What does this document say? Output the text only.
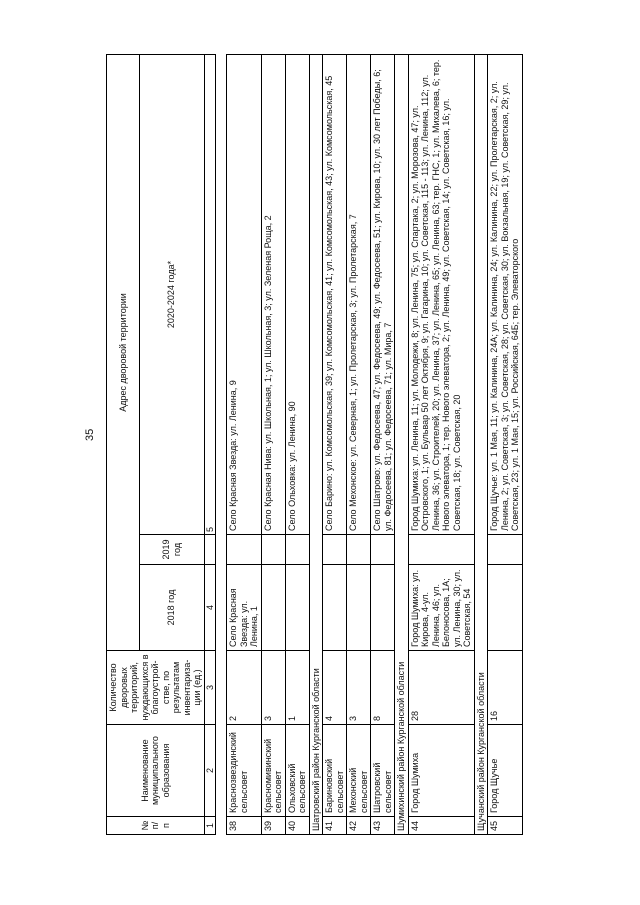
35
№ п/п	Наименование муниципального образования	Количество дворовых территорий, нуждающихся в благоустрой-стве, по результатам инвентариза-ции (ед.)	Адрес дворовой территории		
			2018 год	2019 год	2020-2024 года*
1	2	3	4		5

38	Краснозвездинский сельсовет	2	Село Красная Звезда: ул. Ленина, 1		Село Красная Звезда: ул. Ленина, 9
39	Красномивинский сельсовет	3			Село Красная Нива: ул. Школьная, 1; ул. Школьная, 3; ул. Зеленая Роща, 2
40	Ольховский сельсовет	1			Село Ольховка: ул. Ленина, 90
Шатровский район Курганской области					
41	Бариновский сельсовет	4			Село Барино: ул. Комсомольская, 39; ул. Комсомольская, 41; ул. Комсомольская, 43; ул. Комсомольская, 45
42	Мехонский сельсовет	3			Село Мехонское: ул. Северная, 1; ул. Пролетарская, 3; ул. Пролетарская, 7
43	Шатровский сельсовет	8			Село Шатрово: ул. Федосеева, 47; ул. Федосеева, 49; ул. Федосеева, 51; ул. Кирова, 10; ул. 30 лет Победы, 6; ул. Федосеева, 81; ул. Федосеева, 71; ул. Мира, 7
Шумихинский район Курганской области					
44	Город Шумиха	28	Город Шумиха: ул. Кирова, 4-ул. Ленина, 46; ул. Белоносова, 1А; ул. Ленина, 30; ул. Советская, 54		Город Шумиха: ул. Ленина, 11; ул. Молодежи, 8; ул. Ленина, 75; ул. Спартака, 2; ул. Морозова, 47; ул. Островского, 1; ул. Бульвар 50 лет Октября, 9; ул. Гагарина, 10; ул. Советская, 115 - 113; ул. Ленина, 112; ул. Ленина, 36; ул. Строителей, 20; ул. Ленина, 37; ул. Ленина, 65; ул. Ленина, 63; тер. ГНС, 1; ул. Михалева, 6; тер. Нового элеватора, 1; тер. Нового элеватора, 2; ул. Ленина, 49; ул. Советская, 14; ул. Советская, 16; ул. Советская, 18; ул. Советская, 20
Щучанский район Курганской области					
45	Город Щучье	16			Город Щучье: ул. 1 Мая, 11; ул. Калинина, 24А; ул. Калинина, 24; ул. Калинина, 22; ул. Пролетарская, 2; ул. Ленина, 2; ул. Советская, 3; ул. Советская, 28; ул. Советская, 30; ул. Вокзальная, 19; ул. Советская, 29; ул. Советская, 23; ул. 1 Мая, 15; ул. Российская, 64Б; тер. Элеваторского
